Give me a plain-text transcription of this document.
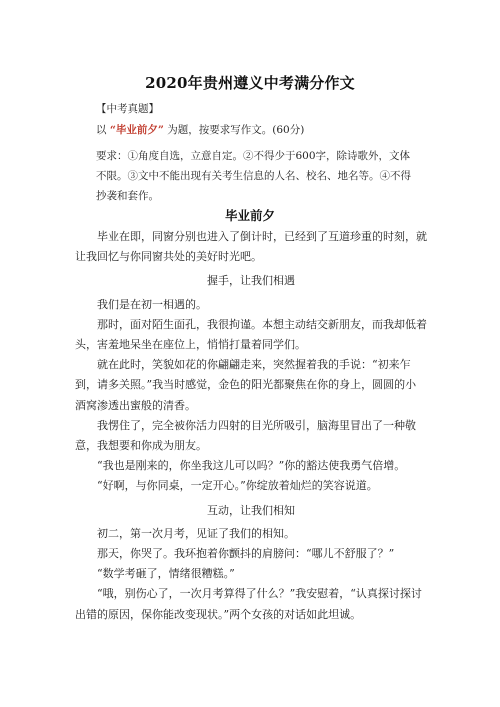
2020年贵州遵义中考满分作文
【中考真题】
以 “毕业前夕” 为题，按要求写作文。(60分)
要求：①角度自选，立意自定。②不得少于600字，除诗歌外，文体不限。③文中不能出现有关考生信息的人名、校名、地名等。④不得抄袭和套作。
毕业前夕

毕业在即，同窗分别也进入了倒计时，已经到了互道珍重的时刻，就让我回忆与你同窗共处的美好时光吧。

握手，让我们相遇

我们是在初一相遇的。

那时，面对陌生面孔，我很拘谨。本想主动结交新朋友，而我却低着头，害羞地呆坐在座位上，悄悄打量着同学们。

就在此时，笑貌如花的你翩翩走来，突然握着我的手说：“初来乍到，请多关照。”我当时感觉，金色的阳光都聚焦在你的身上，圆圆的小酒窝渗透出蜜般的清香。

我愣住了，完全被你活力四射的目光所吸引，脑海里冒出了一种敬意，我想要和你成为朋友。

“我也是刚来的，你坐我这儿可以吗？”你的豁达使我勇气倍增。

“好啊，与你同桌，一定开心。”你绽放着灿烂的笑容说道。

互动，让我们相知

初二，第一次月考，见证了我们的相知。

那天，你哭了。我环抱着你颤抖的肩膀问：“哪儿不舒服了？”

“数学考砸了，情绪很糟糕。”

“哦，别伤心了，一次月考算得了什么？”我安慰着，“认真探讨探讨出错的原因，保你能改变现状。”两个女孩的对话如此坦诚。
